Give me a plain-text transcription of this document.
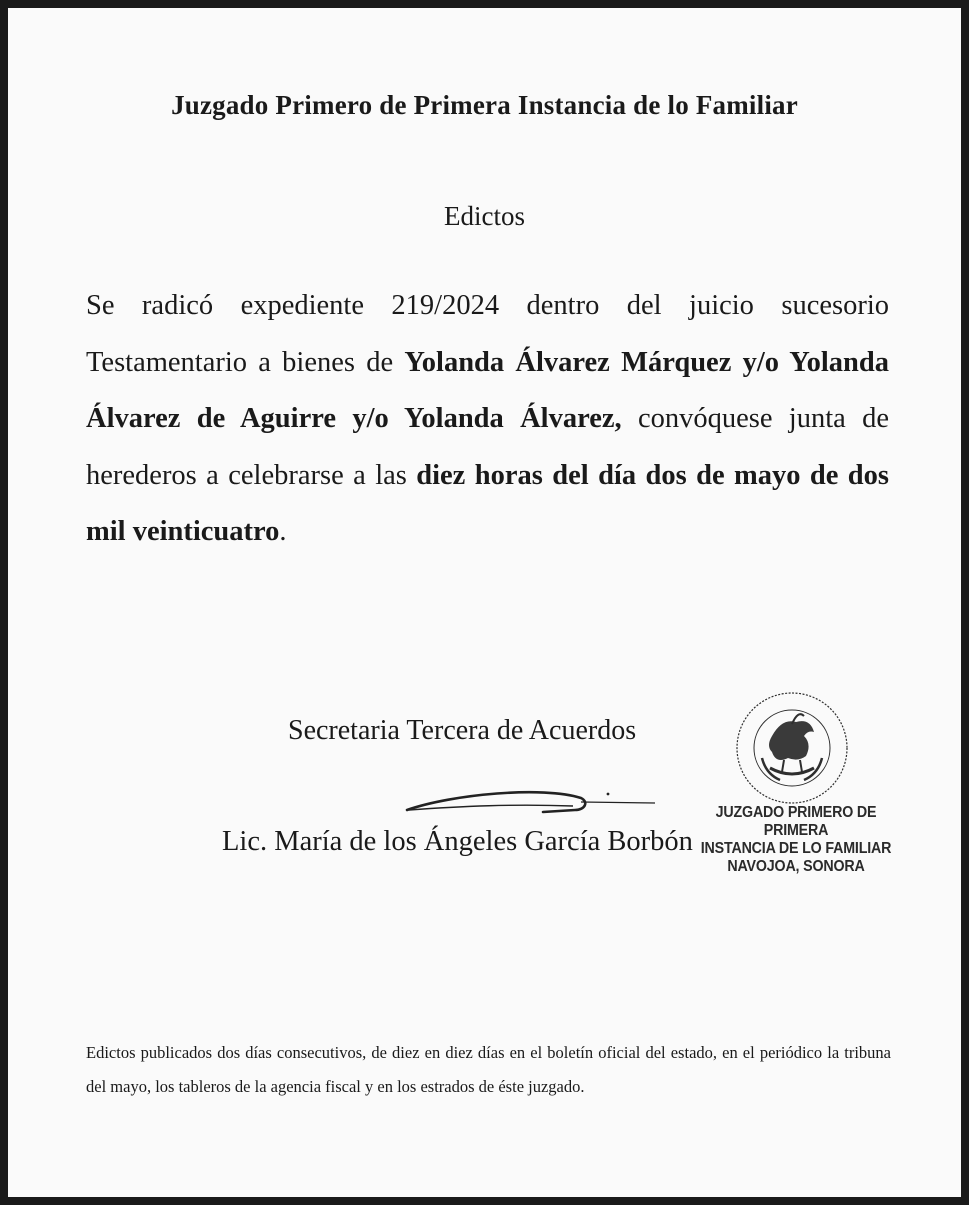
Juzgado Primero de Primera Instancia de lo Familiar
Edictos
Se radicó expediente 219/2024 dentro del juicio sucesorio Testamentario a bienes de Yolanda Álvarez Márquez y/o Yolanda Álvarez de Aguirre y/o Yolanda Álvarez, convóquese junta de herederos a celebrarse a las diez horas del día dos de mayo de dos mil veinticuatro.
Secretaria Tercera de Acuerdos
Lic. María de los Ángeles García Borbón
JUZGADO PRIMERO DE PRIMERA
INSTANCIA DE LO FAMILIAR
NAVOJOA, SONORA
Edictos publicados dos días consecutivos, de diez en diez días en el boletín oficial del estado, en el periódico la tribuna del mayo, los tableros de la agencia fiscal y en los estrados de éste juzgado.
